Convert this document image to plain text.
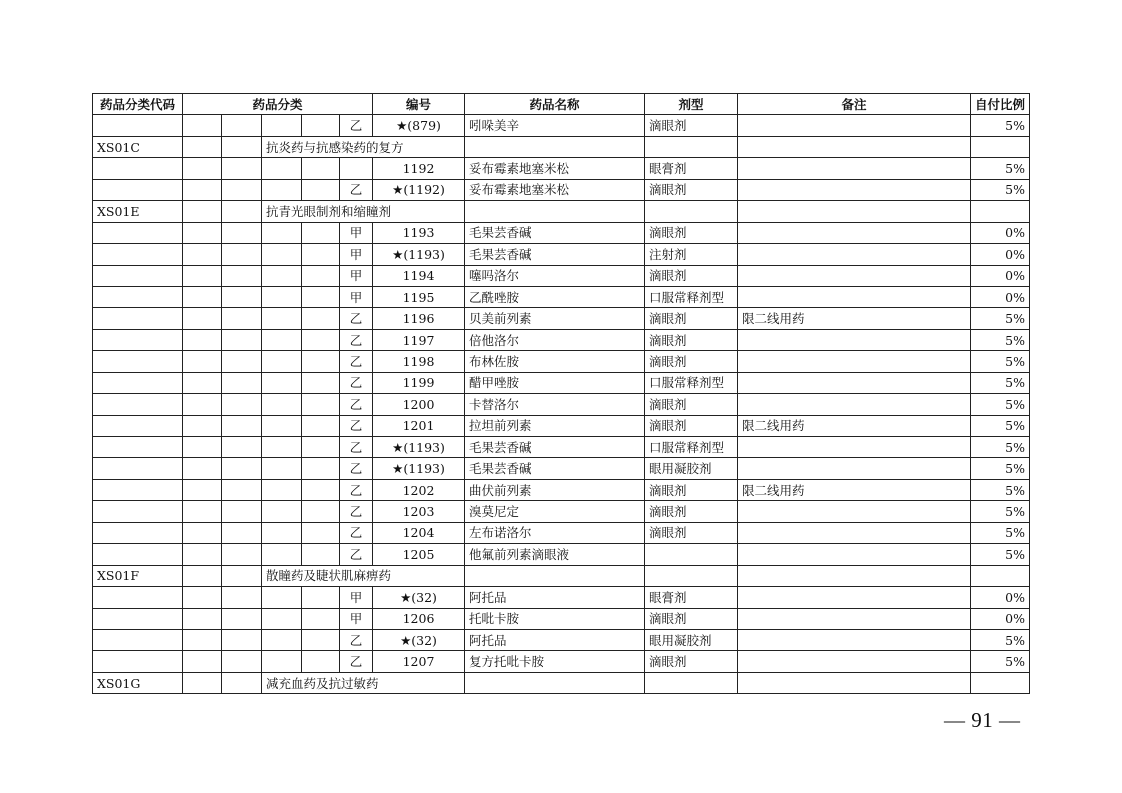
药品分类代码	药品分类					编号	药品名称	剂型	备注	自付比例
					乙	★(879)	吲哚美辛	滴眼剂		5%
XS01C			抗炎药与抗感染药的复方							
						1192	妥布霉素地塞米松	眼膏剂		5%
					乙	★(1192)	妥布霉素地塞米松	滴眼剂		5%
XS01E			抗青光眼制剂和缩瞳剂							
					甲	1193	毛果芸香碱	滴眼剂		0%
					甲	★(1193)	毛果芸香碱	注射剂		0%
					甲	1194	噻吗洛尔	滴眼剂		0%
					甲	1195	乙酰唑胺	口服常释剂型		0%
					乙	1196	贝美前列素	滴眼剂	限二线用药	5%
					乙	1197	倍他洛尔	滴眼剂		5%
					乙	1198	布林佐胺	滴眼剂		5%
					乙	1199	醋甲唑胺	口服常释剂型		5%
					乙	1200	卡替洛尔	滴眼剂		5%
					乙	1201	拉坦前列素	滴眼剂	限二线用药	5%
					乙	★(1193)	毛果芸香碱	口服常释剂型		5%
					乙	★(1193)	毛果芸香碱	眼用凝胶剂		5%
					乙	1202	曲伏前列素	滴眼剂	限二线用药	5%
					乙	1203	溴莫尼定	滴眼剂		5%
					乙	1204	左布诺洛尔	滴眼剂		5%
					乙	1205	他氟前列素滴眼液			5%
XS01F			散瞳药及睫状肌麻痹药							
					甲	★(32)	阿托品	眼膏剂		0%
					甲	1206	托吡卡胺	滴眼剂		0%
					乙	★(32)	阿托品	眼用凝胶剂		5%
					乙	1207	复方托吡卡胺	滴眼剂		5%
XS01G			减充血药及抗过敏药							
— 91 —
